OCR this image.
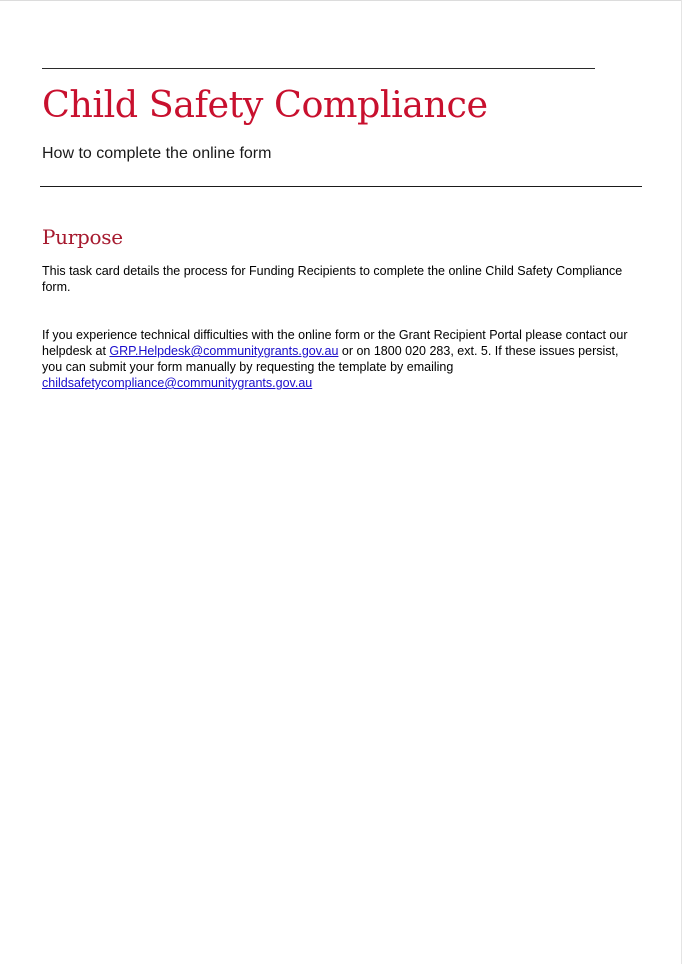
Child Safety Compliance

How to complete the online form

Purpose

This task card details the process for Funding Recipients to complete the online Child Safety Compliance form.

If you experience technical difficulties with the online form or the Grant Recipient Portal please contact our helpdesk at GRP.Helpdesk@communitygrants.gov.au or on 1800 020 283, ext. 5. If these issues persist, you can submit your form manually by requesting the template by emailing childsafetycompliance@communitygrants.gov.au
